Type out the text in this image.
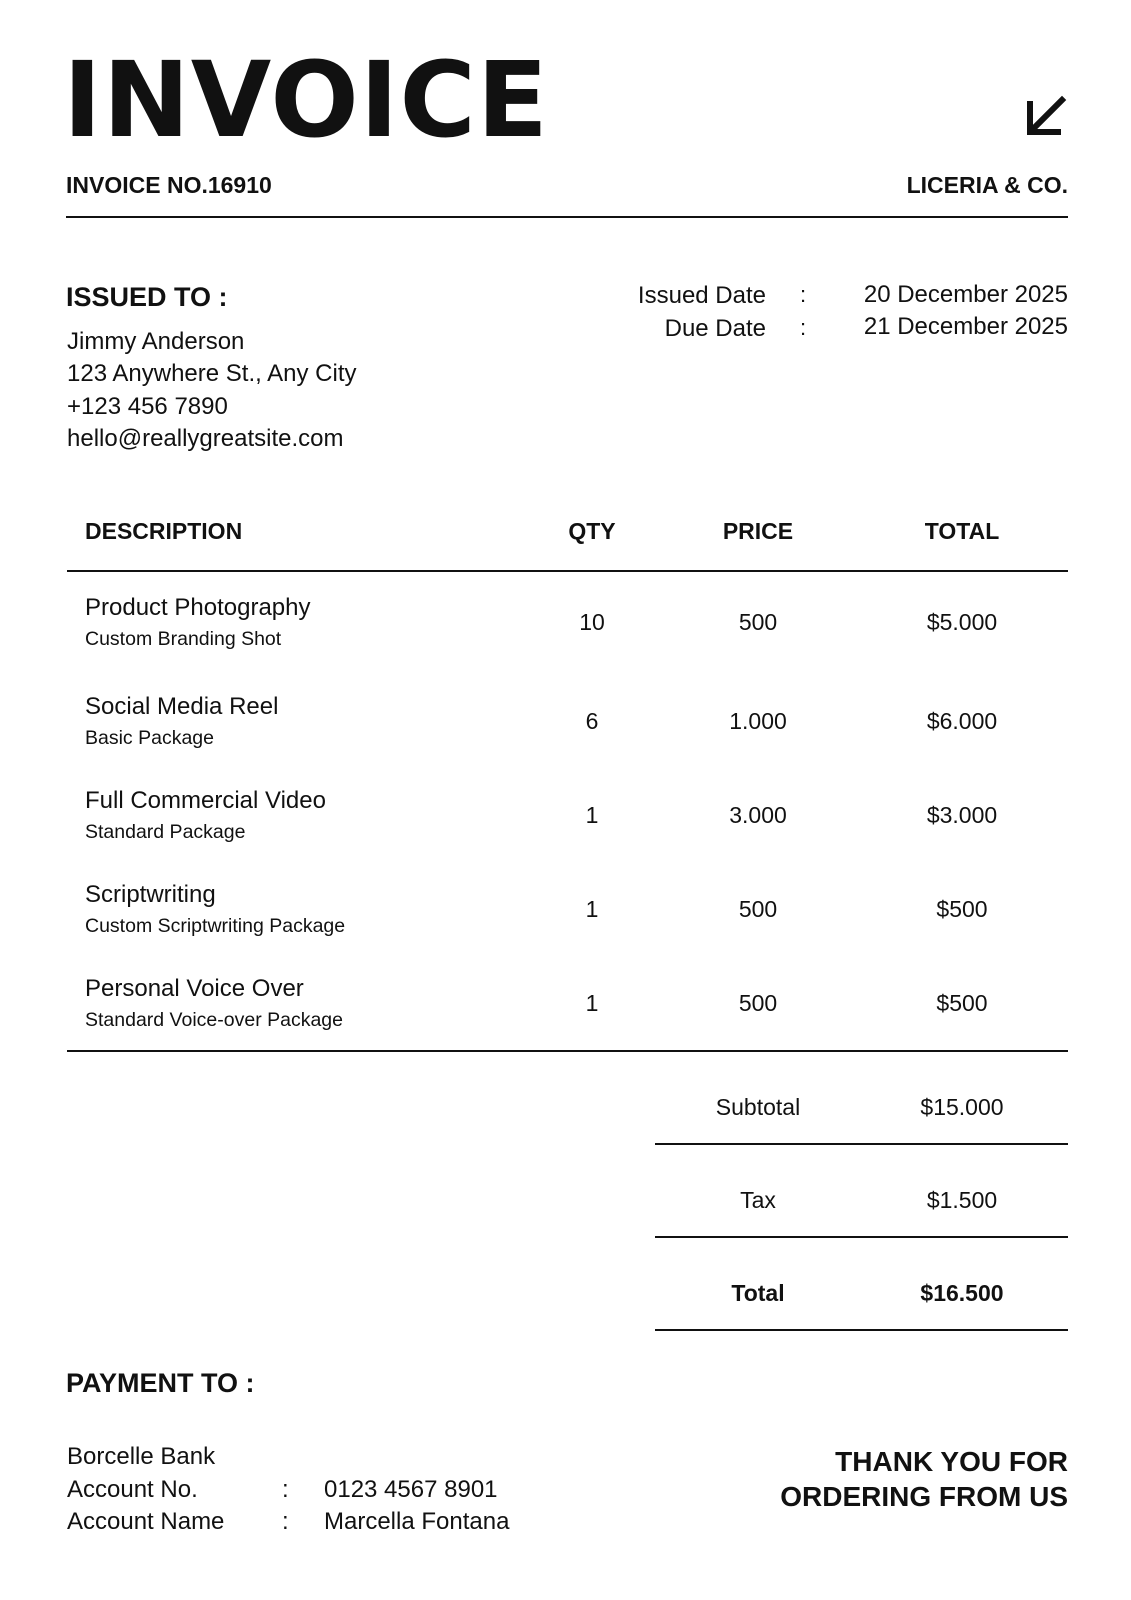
INVOICE
INVOICE NO.16910	LICERIA & CO.
ISSUED TO :
Jimmy Anderson
123 Anywhere St., Any City
+123 456 7890
hello@reallygreatsite.com
Issued Date :	20 December 2025
Due Date :	21 December 2025
DESCRIPTION	QTY	PRICE	TOTAL
Product Photography
Custom Branding Shot
10	500	$5.000
Social Media Reel
Basic Package
6	1.000	$6.000
Full Commercial Video
Standard Package
1	3.000	$3.000
Scriptwriting
Custom Scriptwriting Package
1	500	$500
Personal Voice Over
Standard Voice-over Package
1	500	$500
Subtotal	$15.000
Tax	$1.500
Total	$16.500
PAYMENT TO :
Borcelle Bank
Account No.	: 0123 4567 8901
Account Name : Marcella Fontana
THANK YOU FOR
ORDERING FROM US
